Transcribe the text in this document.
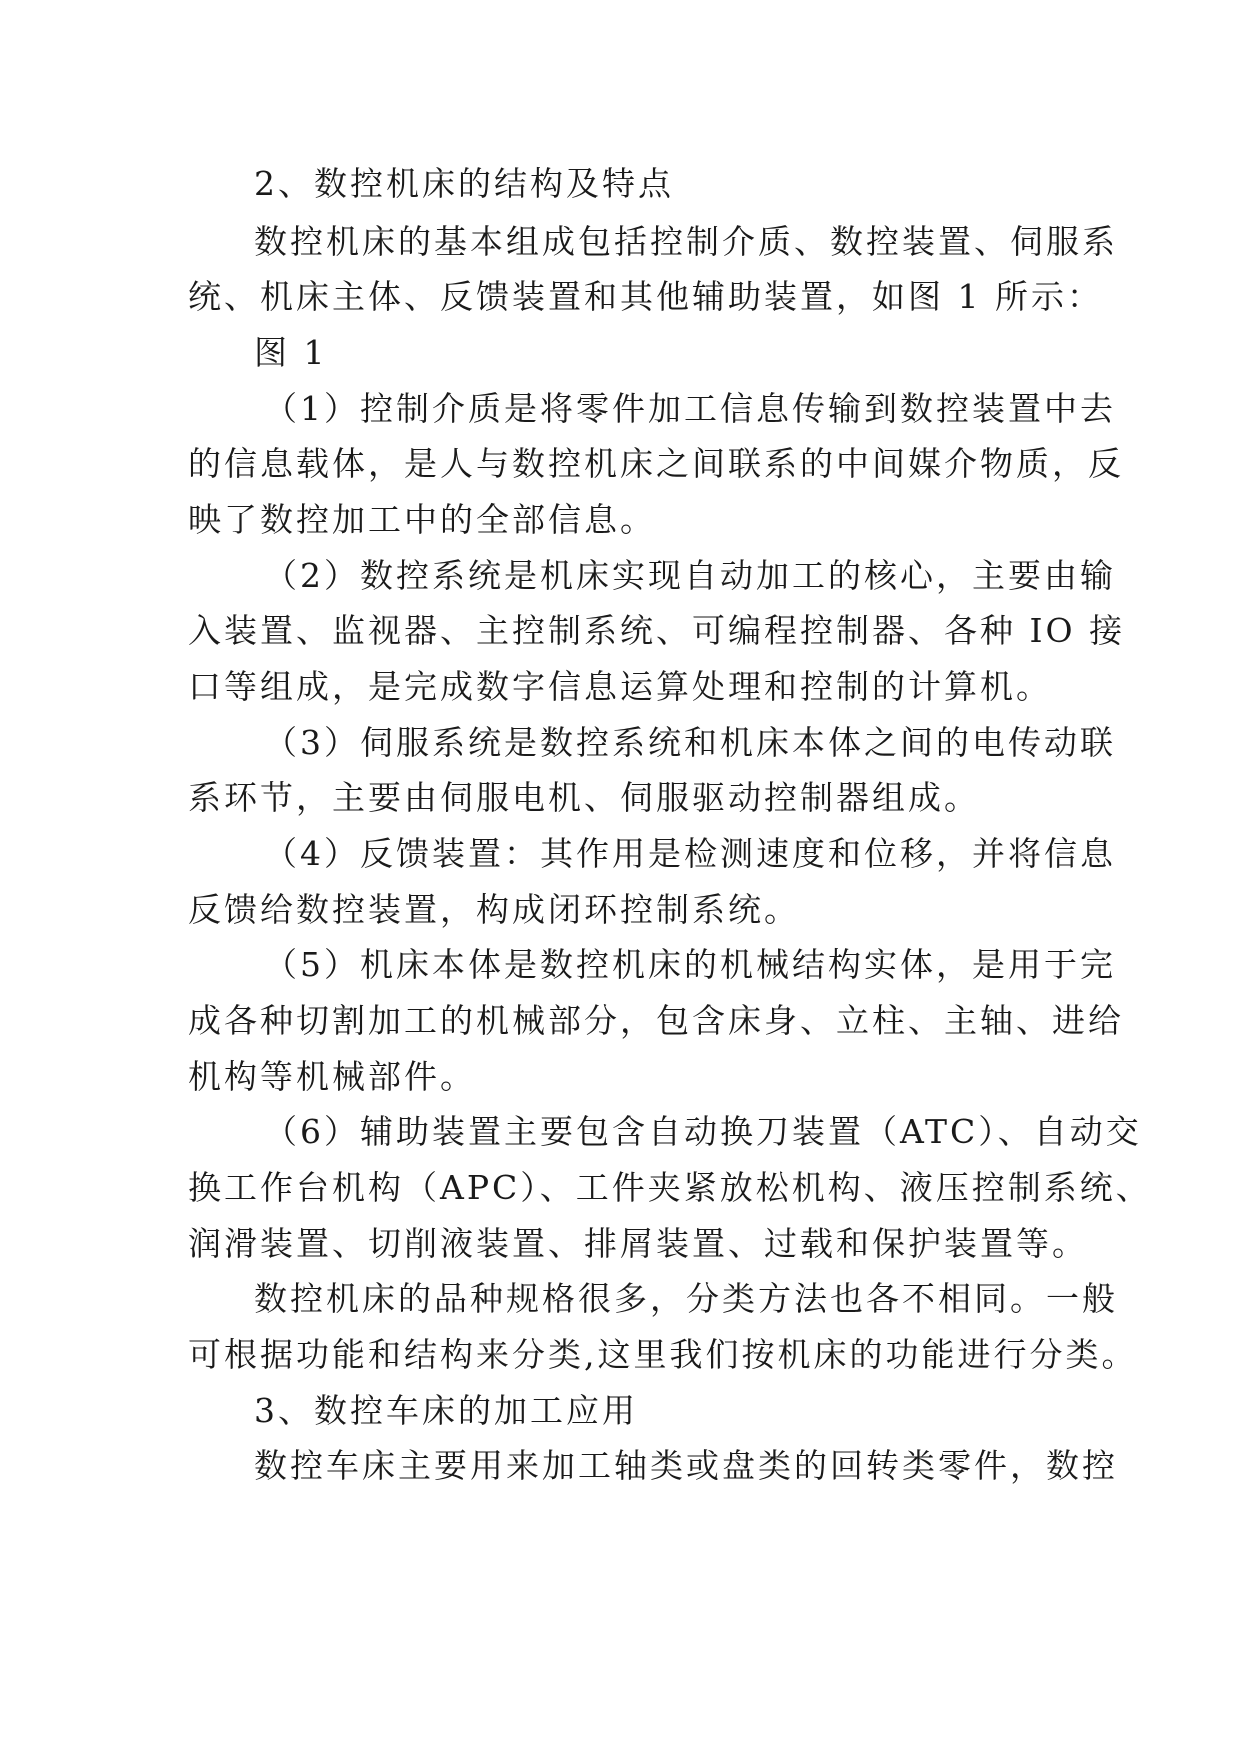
2、数控机床的结构及特点
数控机床的基本组成包括控制介质、数控装置、伺服系
统、机床主体、反馈装置和其他辅助装置，如图 1 所示：
图 1
（1）控制介质是将零件加工信息传输到数控装置中去
的信息载体，是人与数控机床之间联系的中间媒介物质，反
映了数控加工中的全部信息。
（2）数控系统是机床实现自动加工的核心，主要由输
入装置、监视器、主控制系统、可编程控制器、各种 IO 接
口等组成，是完成数字信息运算处理和控制的计算机。
（3）伺服系统是数控系统和机床本体之间的电传动联
系环节，主要由伺服电机、伺服驱动控制器组成。
（4）反馈装置：其作用是检测速度和位移，并将信息
反馈给数控装置，构成闭环控制系统。
（5）机床本体是数控机床的机械结构实体，是用于完
成各种切割加工的机械部分，包含床身、立柱、主轴、进给
机构等机械部件。
（6）辅助装置主要包含自动换刀装置（ATC）、自动交
换工作台机构（APC）、工件夹紧放松机构、液压控制系统、
润滑装置、切削液装置、排屑装置、过载和保护装置等。
数控机床的品种规格很多，分类方法也各不相同。一般
可根据功能和结构来分类,这里我们按机床的功能进行分类。
3、数控车床的加工应用
数控车床主要用来加工轴类或盘类的回转类零件，数控
